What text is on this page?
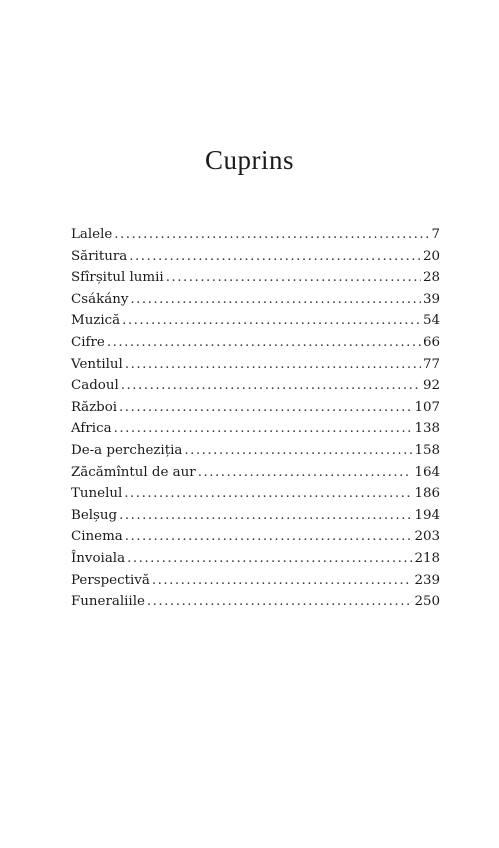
Cuprins
Lalele .....	7
Săritura .....	20
Sfîrșitul lumii .....	28
Csákány .....	39
Muzică .....	54
Cifre .....	66
Ventilul .....	77
Cadoul .....	92
Război .....	107
Africa .....	138
De-a percheziția .....	158
Zăcămîntul de aur .....	164
Tunelul .....	186
Belșug .....	194
Cinema .....	203
Învoiala .....	218
Perspectivă .....	239
Funeraliile .....	250
